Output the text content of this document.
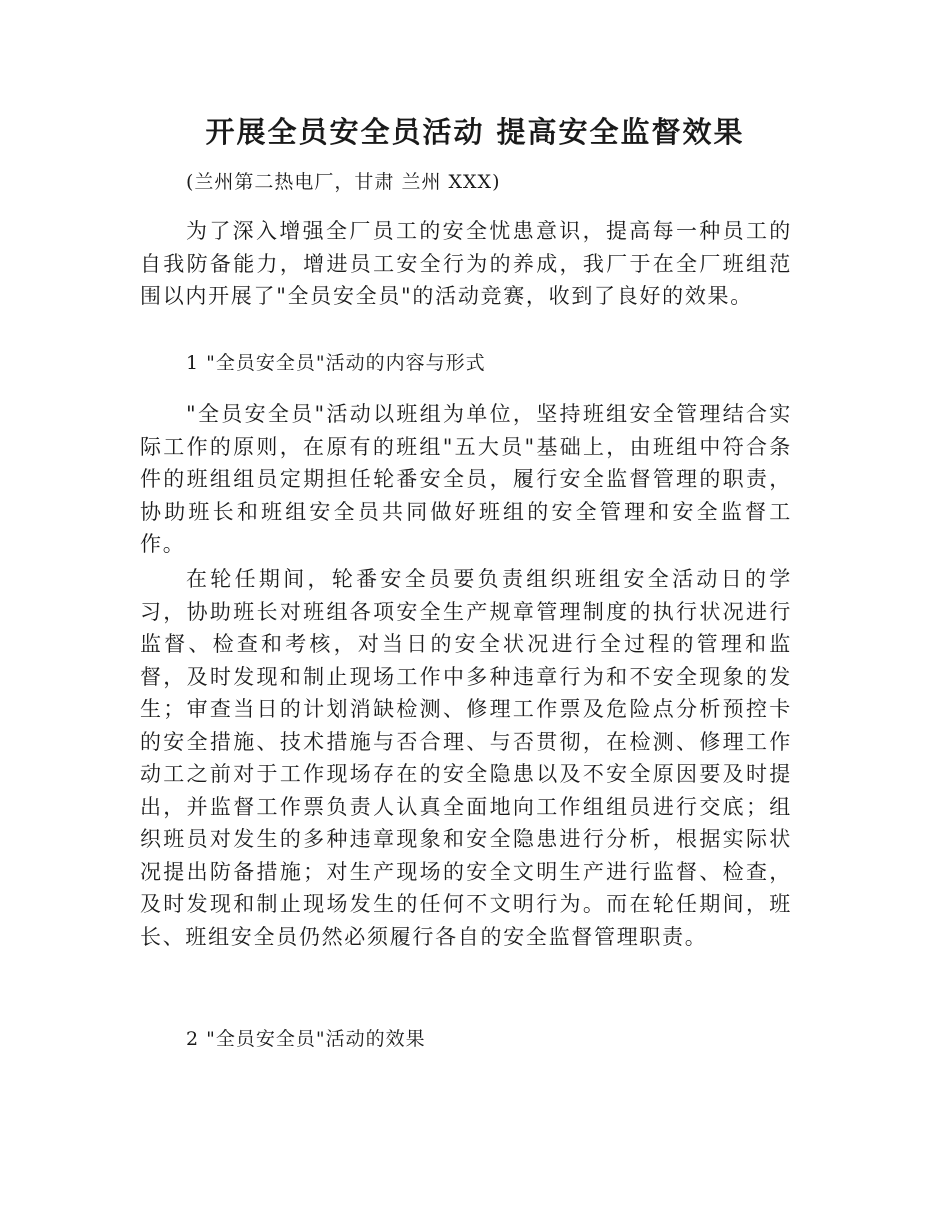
开展全员安全员活动 提高安全监督效果
(兰州第二热电厂，甘肃 兰州 XXX)

为了深入增强全厂员工的安全忧患意识，提高每一种员工的自我防备能力，增进员工安全行为的养成，我厂于在全厂班组范围以内开展了"全员安全员"的活动竞赛，收到了良好的效果。

1 "全员安全员"活动的内容与形式

"全员安全员"活动以班组为单位，坚持班组安全管理结合实际工作的原则，在原有的班组"五大员"基础上，由班组中符合条件的班组组员定期担任轮番安全员，履行安全监督管理的职责，协助班长和班组安全员共同做好班组的安全管理和安全监督工作。

在轮任期间，轮番安全员要负责组织班组安全活动日的学习，协助班长对班组各项安全生产规章管理制度的执行状况进行监督、检查和考核，对当日的安全状况进行全过程的管理和监督，及时发现和制止现场工作中多种违章行为和不安全现象的发生；审查当日的计划消缺检测、修理工作票及危险点分析预控卡的安全措施、技术措施与否合理、与否贯彻，在检测、修理工作动工之前对于工作现场存在的安全隐患以及不安全原因要及时提出，并监督工作票负责人认真全面地向工作组组员进行交底；组织班员对发生的多种违章现象和安全隐患进行分析，根据实际状况提出防备措施；对生产现场的安全文明生产进行监督、检查，及时发现和制止现场发生的任何不文明行为。而在轮任期间，班长、班组安全员仍然必须履行各自的安全监督管理职责。

2 "全员安全员"活动的效果
